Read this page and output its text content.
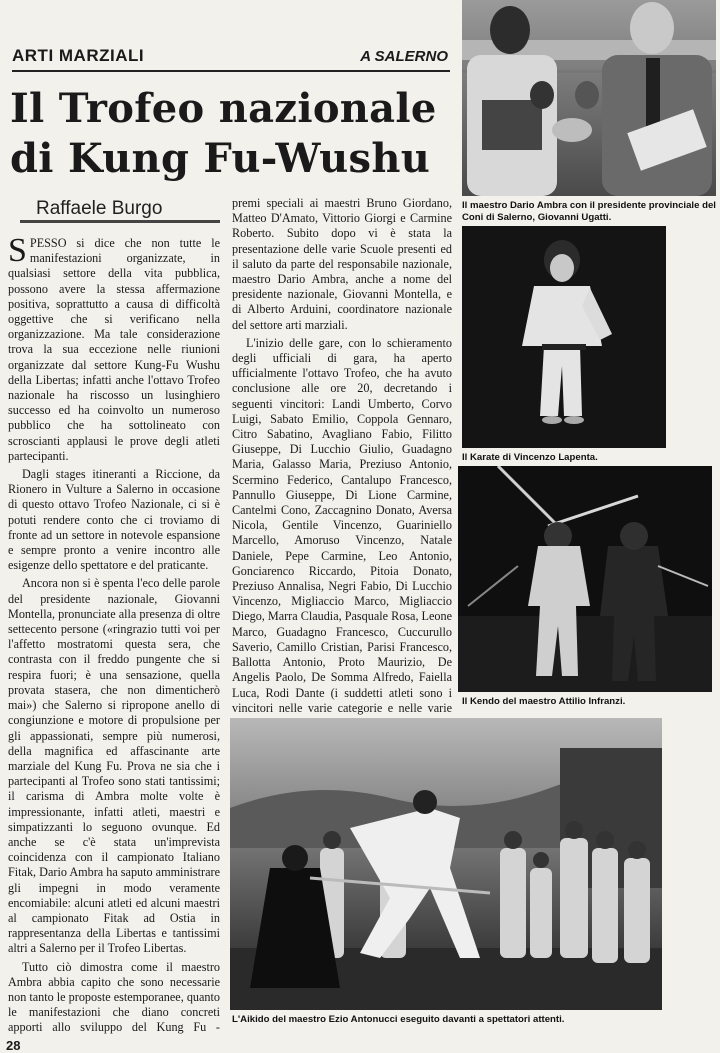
ARTI MARZIALI	A SALERNO
Il Trofeo nazionale
di Kung Fu-Wushu
Raffaele Burgo

SPESSO si dice che non tutte le manifestazioni organizzate, in qualsiasi settore della vita pubblica, possono avere la stessa affermazione positiva, soprattutto a causa di difficoltà oggettive che si verificano nella organizzazione. Ma tale considerazione trova la sua eccezione nelle riunioni organizzate dal settore Kung-Fu Wushu della Libertas; infatti anche l'ottavo Trofeo nazionale ha riscosso un lusinghiero successo ed ha coinvolto un numeroso pubblico che ha sottolineato con scroscianti applausi le prove degli atleti partecipanti.

Dagli stages itineranti a Riccione, da Rionero in Vulture a Salerno in occasione di questo ottavo Trofeo Nazionale, ci si è potuti rendere conto che ci troviamo di fronte ad un settore in notevole espansione e sempre pronto a venire incontro alle esigenze dello spettatore e del praticante.

Ancora non si è spenta l'eco delle parole del presidente nazionale, Giovanni Montella, pronunciate alla presenza di oltre settecento persone («ringrazio tutti voi per l'affetto mostratomi questa sera, che contrasta con il freddo pungente che si respira fuori; è una sensazione, quella provata stasera, che non dimenticherò mai») che Salerno si ripropone anello di congiunzione e motore di propulsione per gli appassionati, sempre più numerosi, della magnifica ed affascinante arte marziale del Kung Fu. Prova ne sia che i partecipanti al Trofeo sono stati tantissimi; il carisma di Ambra molte volte è impressionante, infatti atleti, maestri e simpatizzanti lo seguono ovunque. Ed anche se c'è stata un'imprevista coincidenza con il campionato Italiano Fitak, Dario Ambra ha saputo amministrare gli impegni in modo veramente encomiabile: alcuni atleti ed alcuni maestri al campionato Fitak ad Ostia in rappresentanza della Libertas e tantissimi altri a Salerno per il Trofeo Libertas.

Tutto ciò dimostra come il maestro Ambra abbia capito che sono necessarie non tanto le proposte estemporanee, quanto le manifestazioni che diano concreti apporti allo sviluppo del Kung Fu -

premi speciali ai maestri Bruno Giordano, Matteo D'Amato, Vittorio Giorgi e Carmine Roberto. Subito dopo vi è stata la presentazione delle varie Scuole presenti ed il saluto da parte del responsabile nazionale, maestro Dario Ambra, anche a nome del presidente nazionale, Giovanni Montella, e di Alberto Arduini, coordinatore nazionale del settore arti marziali.

L'inizio delle gare, con lo schieramento degli ufficiali di gara, ha aperto ufficialmente l'ottavo Trofeo, che ha avuto conclusione alle ore 20, decretando i seguenti vincitori: Landi Umberto, Corvo Luigi, Sabato Emilio, Coppola Gennaro, Citro Sabatino, Avagliano Fabio, Filitto Giuseppe, Di Lucchio Giulio, Guadagno Maria, Galasso Maria, Preziuso Antonio, Scermino Federico, Cantalupo Francesco, Pannullo Giuseppe, Di Lione Carmine, Cantelmi Cono, Zaccagnino Donato, Aversa Nicola, Gentile Vincenzo, Guariniello Marcello, Amoruso Vincenzo, Natale Daniele, Pepe Carmine, Leo Antonio, Gonciarenco Riccardo, Pitoia Donato, Preziuso Annalisa, Negri Fabio, Di Lucchio Vincenzo, Migliaccio Marco, Migliaccio Diego, Marra Claudia, Pasquale Rosa, Leone Marco, Guadagno Francesco, Cuccurullo Saverio, Camillo Cristian, Parisi Francesco, Ballotta Antonio, Proto Maurizio, De Angelis Paolo, De Somma Alfredo, Faiella Luca, Rodi Dante (i suddetti atleti sono i vincitori nelle varie categorie e nelle varie

Il maestro Dario Ambra con il presidente provinciale del Coni di Salerno, Giovanni Ugatti.
Il Karate di Vincenzo Lapenta.
Il Kendo del maestro Attilio Infranzi.
L'Aikido del maestro Ezio Antonucci eseguito davanti a spettatori attenti.
28
